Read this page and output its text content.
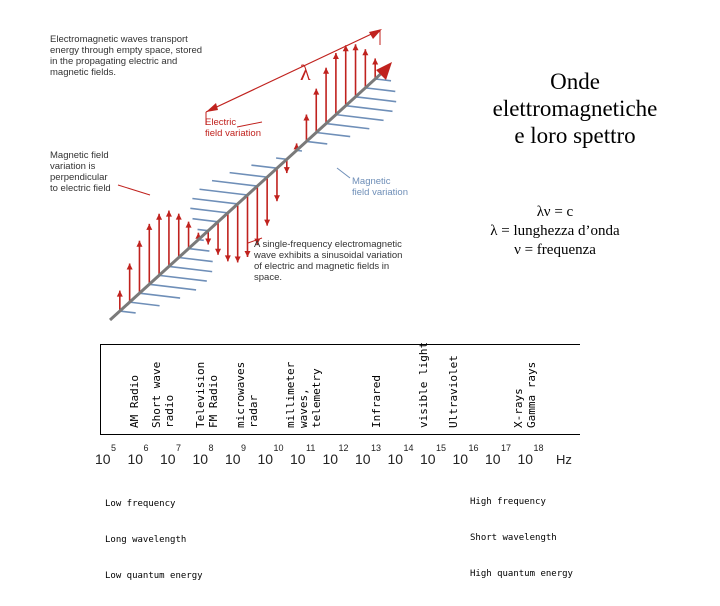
λ
Electromagnetic waves transport
energy through empty space, stored
in the propagating electric and
magnetic fields.
Magnetic field
variation is
perpendicular
to electric field
Electric
field variation
Magnetic
field variation
A single-frequency electromagnetic
wave exhibits a sinusoidal variation
of electric and magnetic fields in
space.
Onde
elettromagnetiche
e loro spettro
λν = c
λ = lunghezza d’onda
ν = frequenza
AM Radio Short wave radio Television FM Radio microwaves radar millimeter waves, telemetry	Infrared	visible light Ultraviolet	X-rays Gamma rays
10
5
10
6
10
7
10
8
10
9
10
10
10
11
10
12
10
13
10
14
10
15
10
16
10
17
10
18
Hz

Low frequency

Long wavelength

Low quantum energy

High frequency

Short wavelength

High quantum energy
